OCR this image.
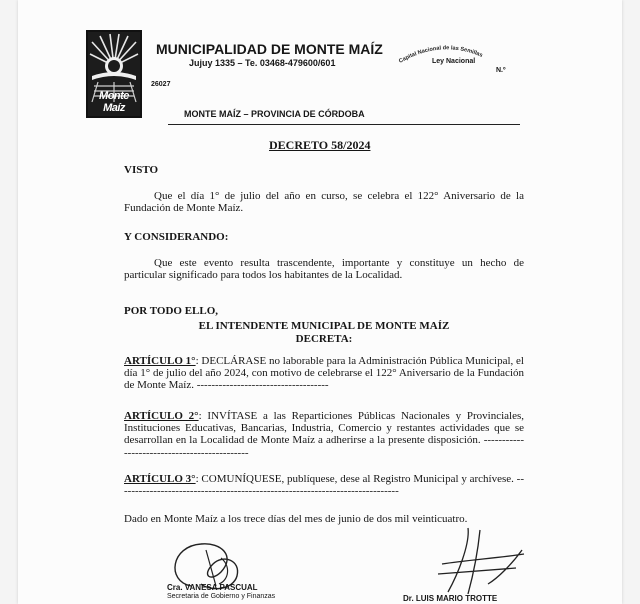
Monte Maíz
MUNICIPALIDAD DE MONTE MAÍZ
Jujuy 1335 – Te. 03468-479600/601
26027
Capital Nacional de las Semillas
Ley Nacional
N.º
MONTE MAÍZ – PROVINCIA DE CÓRDOBA
DECRETO 58/2024
VISTO
Que el día 1° de julio del año en curso, se celebra el 122° Aniversario de la Fundación de Monte Maíz.
Y CONSIDERANDO:
Que este evento resulta trascendente, importante y constituye un hecho de particular significado para todos los habitantes de la Localidad.
POR TODO ELLO,
EL INTENDENTE MUNICIPAL DE MONTE MAÍZ
DECRETA:
ARTÍCULO 1°: DECLÁRASE no laborable para la Administración Pública Municipal, el día 1° de julio del año 2024, con motivo de celebrarse el 122° Aniversario de la Fundación de Monte Maíz. ------------------------------------
ARTÍCULO 2°: INVÍTASE a las Reparticiones Públicas Nacionales y Provinciales, Instituciones Educativas, Bancarias, Industria, Comercio y restantes actividades que se desarrollan en la Localidad de Monte Maíz a adherirse a la presente disposición. ---------------------------------------------
ARTÍCULO 3°: COMUNÍQUESE, publíquese, dese al Registro Municipal y archívese. -----------------------------------------------------------------------------
Dado en Monte Maíz a los trece días del mes de junio de dos mil veinticuatro.
Cra. VANESA PASCUAL
Secretaria de Gobierno y Finanzas	Dr. LUIS MARIO TROTTE
